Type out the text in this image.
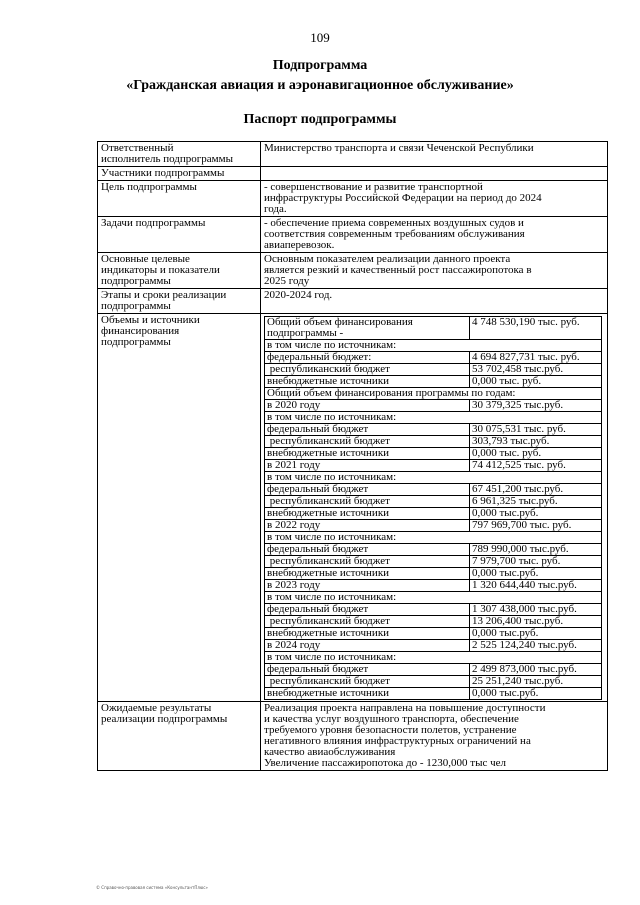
109
Подпрограмма
«Гражданская авиация и аэронавигационное обслуживание»
Паспорт подпрограммы
Ответственный
исполнитель подпрограммы	Министерство транспорта и связи Чеченской Республики
Участники подпрограммы	
Цель подпрограммы	- совершенствование и развитие транспортной
инфраструктуры Российской Федерации на период до 2024
года.
Задачи подпрограммы	- обеспечение приема современных воздушных судов и
соответствия современным требованиям обслуживания
авиаперевозок.
Основные целевые
индикаторы и показатели
подпрограммы	Основным показателем реализации данного проекта
является резкий и качественный рост пассажиропотока в
2025 году
Этапы и сроки реализации
подпрограммы	2020-2024 год.
Объемы и источники
финансирования
подпрограммы	
Общий объем финансирования
подпрограммы -	4 748 530,190 тыс. руб.
в том числе по источникам:
федеральный бюджет:	4 694 827,731 тыс. руб.
республиканский бюджет	53 702,458 тыс.руб.
внебюджетные источники	0,000 тыс. руб.
Общий объем финансирования программы по годам:
в 2020 году	30 379,325 тыс.руб.
в том числе по источникам:
федеральный бюджет	30 075,531 тыс. руб.
республиканский бюджет	303,793 тыс.руб.
внебюджетные источники	0,000 тыс. руб.
в 2021 году	74 412,525 тыс. руб.
в том числе по источникам:
федеральный бюджет	67 451,200 тыс.руб.
республиканский бюджет	6 961,325 тыс.руб.
внебюджетные источники	0,000 тыс.руб.
в 2022 году	797 969,700 тыс. руб.
в том числе по источникам:
федеральный бюджет	789 990,000 тыс.руб.
республиканский бюджет	7 979,700 тыс. руб.
внебюджетные источники	0,000 тыс.руб.
в 2023 году	1 320 644,440 тыс.руб.
в том числе по источникам:
федеральный бюджет	1 307 438,000 тыс.руб.
республиканский бюджет	13 206,400 тыс.руб.
внебюджетные источники	0,000 тыс.руб.
в 2024 году	2 525 124,240 тыс.руб.
в том числе по источникам:
федеральный бюджет	2 499 873,000 тыс.руб.
республиканский бюджет	25 251,240 тыс.руб.
внебюджетные источники	0,000 тыс.руб.

Ожидаемые результаты
реализации подпрограммы	Реализация проекта направлена на повышение доступности
и качества услуг воздушного транспорта, обеспечение
требуемого уровня безопасности полетов, устранение
негативного влияния инфраструктурных ограничений на
качество авиаобслуживания
Увеличение пассажиропотока до - 1230,000 тыс чел
© Справочно-правовая система «КонсультантПлюс»
